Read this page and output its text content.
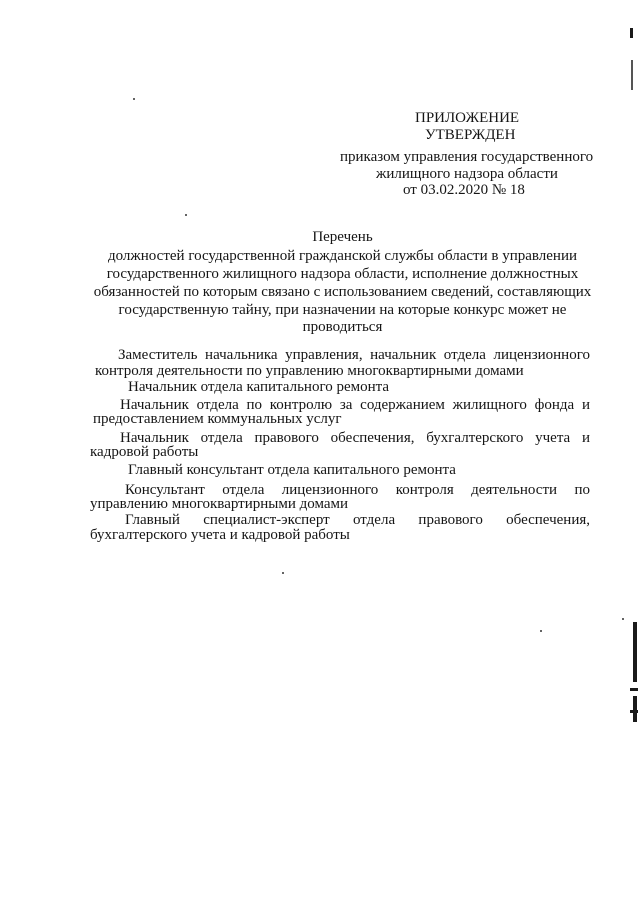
ПРИЛОЖЕНИЕ
УТВЕРЖДЕН
приказом управления государственного
жилищного надзора области
от 03.02.2020 № 18
Перечень
должностей государственной гражданской службы области в управлении
государственного жилищного надзора области, исполнение должностных
обязанностей по которым связано с использованием сведений, составляющих
государственную тайну, при назначении на которые конкурс может не
проводиться
Заместитель начальника управления, начальник отдела лицензионного
контроля деятельности по управлению многоквартирными домами
Начальник отдела капитального ремонта
Начальник отдела по контролю за содержанием жилищного фонда и
предоставлением коммунальных услуг
Начальник отдела правового обеспечения, бухгалтерского учета и
кадровой работы
Главный консультант отдела капитального ремонта
Консультант отдела лицензионного контроля деятельности по
управлению многоквартирными домами
Главный специалист-эксперт отдела правового обеспечения,
бухгалтерского учета и кадровой работы
